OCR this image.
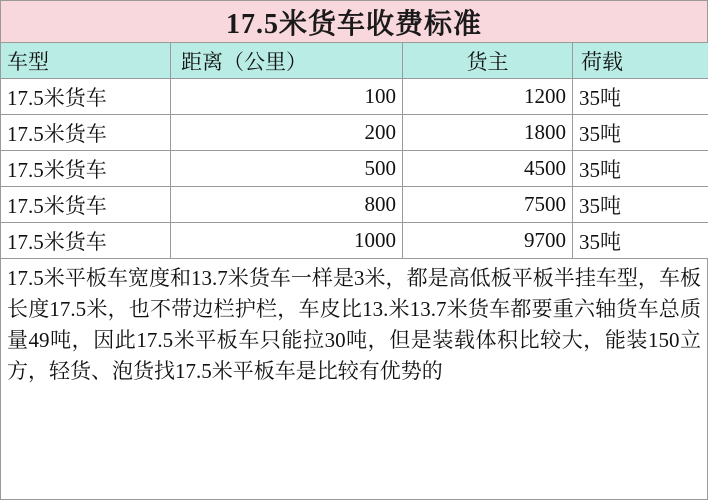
17.5米货车收费标准
车型	距离（公里）	货主	荷载
17.5米货车	100	1200	35吨
17.5米货车	200	1800	35吨
17.5米货车	500	4500	35吨
17.5米货车	800	7500	35吨
17.5米货车	1000	9700	35吨
17.5米平板车宽度和13.7米货车一样是3米，都是高低板平板半挂车型，车板长度17.5米，也不带边栏护栏，车皮比13.米13.7米货车都要重六轴货车总质量49吨，因此17.5米平板车只能拉30吨，但是装载体积比较大，能装150立方，轻货、泡货找17.5米平板车是比较有优势的
